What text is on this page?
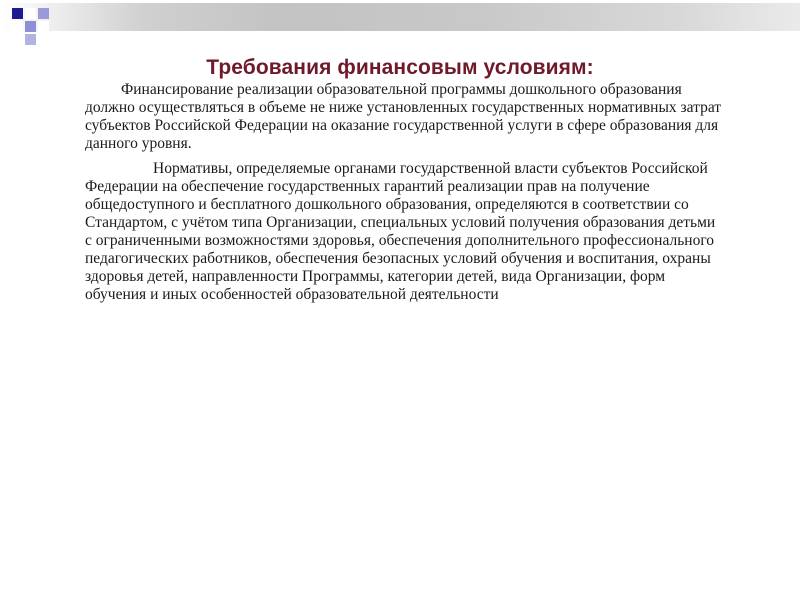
Требования финансовым условиям:

Финансирование реализации образовательной программы дошкольного образования должно осуществляться в объеме не ниже установленных государственных нормативных затрат субъектов Российской Федерации на оказание государственной услуги в сфере образования для данного уровня.

Нормативы, определяемые органами государственной власти субъектов Российской Федерации на обеспечение государственных гарантий реализации прав на получение общедоступного и бесплатного дошкольного образования, определяются в соответствии со Стандартом, с учётом типа Организации, специальных условий получения образования детьми с ограниченными возможностями здоровья, обеспечения дополнительного профессионального педагогических работников, обеспечения безопасных условий обучения и воспитания, охраны здоровья детей, направленности Программы, категории детей, вида Организации, форм обучения и иных особенностей образовательной деятельности
